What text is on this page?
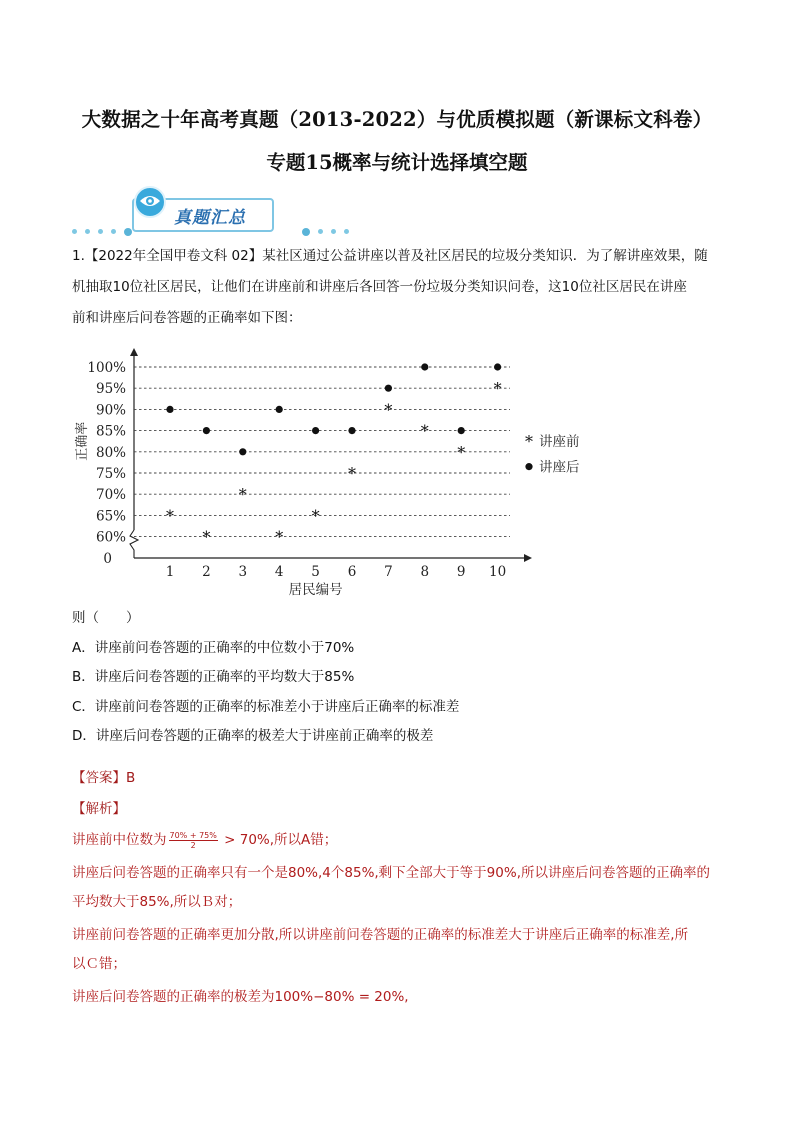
大数据之十年高考真题（2013-2022）与优质模拟题（新课标文科卷）
专题15概率与统计选择填空题
真题汇总

1.【2022年全国甲卷文科 02】某社区通过公益讲座以普及社区居民的垃圾分类知识．为了解讲座效果，随

机抽取10位社区居民，让他们在讲座前和讲座后各回答一份垃圾分类知识问卷，这10位社区居民在讲座

前和讲座后问卷答题的正确率如下图：

100%
95%
90%
85%
80%
75%
70%
65%
60%
0
1 2 3 4 5 6 7 8 9 10
正确率
居民编号
*
*
*
*
*
*
*
*
*
*
* 讲座前
讲座后

则（　　）

A．讲座前问卷答题的正确率的中位数小于70%

B．讲座后问卷答题的正确率的平均数大于85%

C．讲座前问卷答题的正确率的标准差小于讲座后正确率的标准差

D．讲座后问卷答题的正确率的极差大于讲座前正确率的极差

【答案】B
【解析】

讲座前中位数为 $\frac{70\% + 75\%}{2} > 70\%$,所以A错；

讲座后问卷答题的正确率只有一个是80%,4个85%,剩下全部大于等于90%,所以讲座后问卷答题的正确率的
平均数大于85%,所以Ｂ对；

讲座前问卷答题的正确率更加分散,所以讲座前问卷答题的正确率的标准差大于讲座后正确率的标准差,所
以Ｃ错；

讲座后问卷答题的正确率的极差为100%−80% = 20%,
